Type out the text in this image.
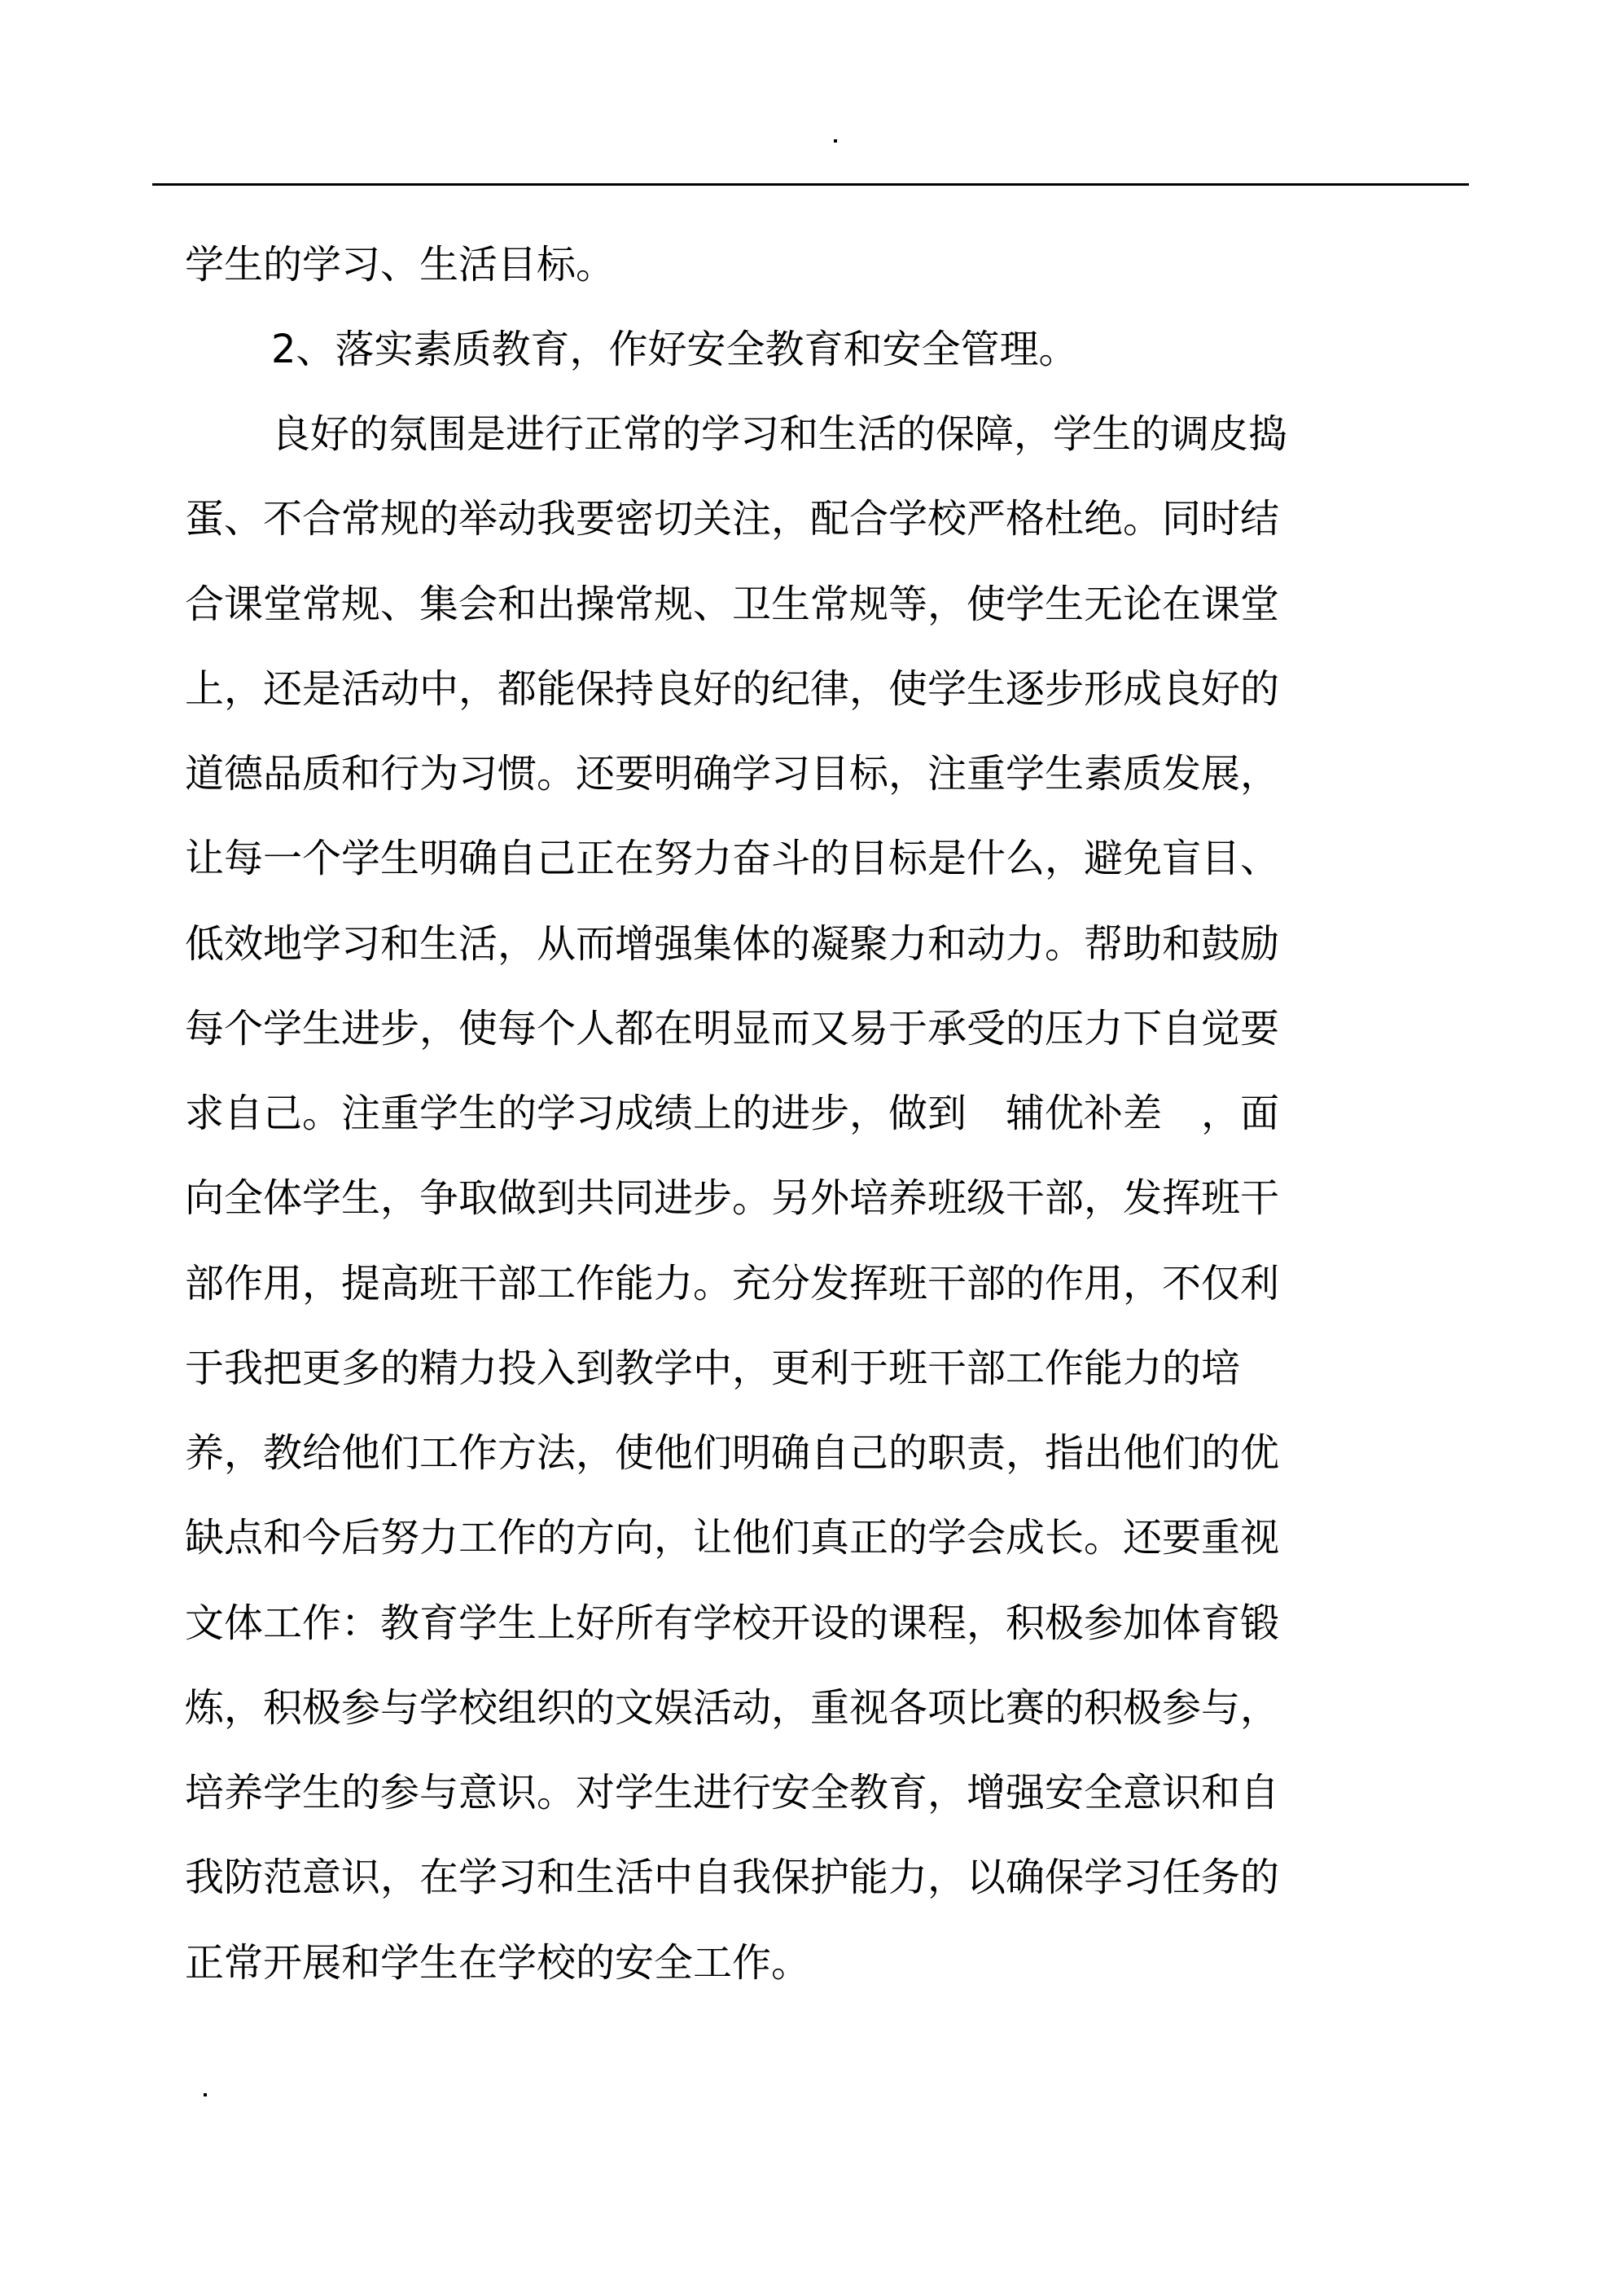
学生的学习、生活目标。
2、落实素质教育，作好安全教育和安全管理。
良好的氛围是进行正常的学习和生活的保障，学生的调皮捣
蛋、不合常规的举动我要密切关注，配合学校严格杜绝。同时结
合课堂常规、集会和出操常规、卫生常规等，使学生无论在课堂
上，还是活动中，都能保持良好的纪律，使学生逐步形成良好的
道德品质和行为习惯。还要明确学习目标，注重学生素质发展，
让每一个学生明确自己正在努力奋斗的目标是什么，避免盲目、
低效地学习和生活，从而增强集体的凝聚力和动力。帮助和鼓励
每个学生进步，使每个人都在明显而又易于承受的压力下自觉要
求自己。注重学生的学习成绩上的进步，做到　辅优补差　，面
向全体学生，争取做到共同进步。另外培养班级干部，发挥班干
部作用，提高班干部工作能力。充分发挥班干部的作用，不仅利
于我把更多的精力投入到教学中，更利于班干部工作能力的培
养，教给他们工作方法，使他们明确自己的职责，指出他们的优
缺点和今后努力工作的方向，让他们真正的学会成长。还要重视
文体工作：教育学生上好所有学校开设的课程，积极参加体育锻
炼，积极参与学校组织的文娱活动，重视各项比赛的积极参与，
培养学生的参与意识。对学生进行安全教育，增强安全意识和自
我防范意识，在学习和生活中自我保护能力，以确保学习任务的
正常开展和学生在学校的安全工作。
